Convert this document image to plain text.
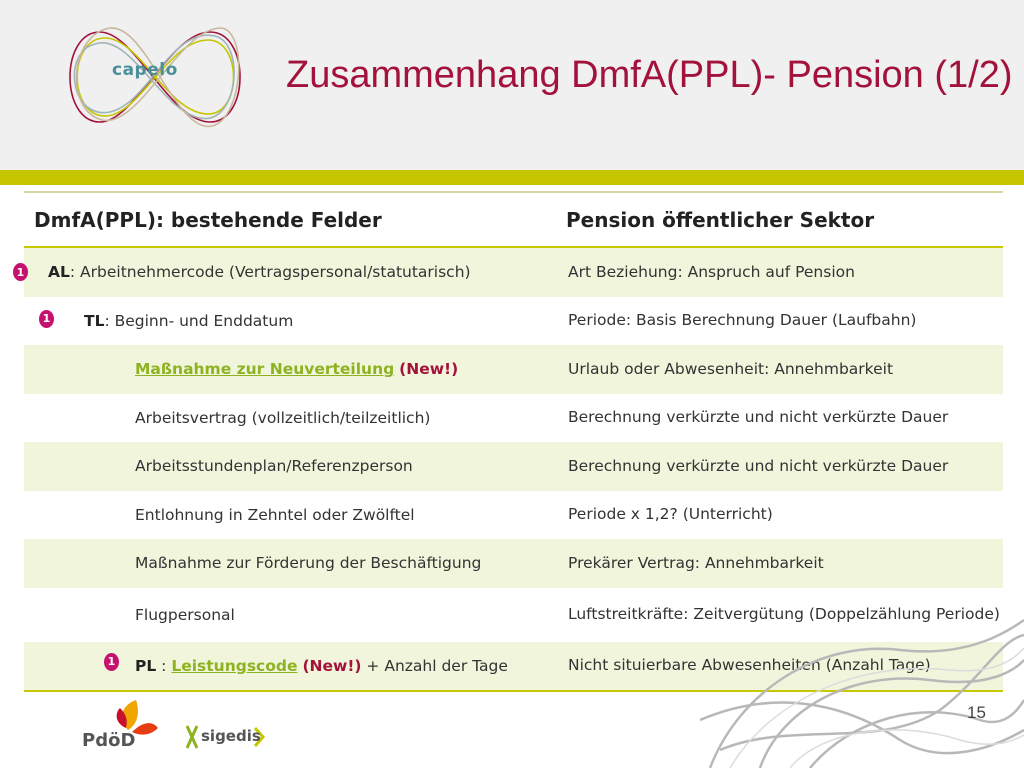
capelo	Zusammenhang DmfA(PPL)- Pension (1/2)
DmfA(PPL): bestehende Felder	Pension öffentlicher Sektor
1	AL: Arbeitnehmercode (Vertragspersonal/statutarisch)	Art Beziehung: Anspruch auf Pension
1	TL: Beginn- und Enddatum	Periode: Basis Berechnung Dauer (Laufbahn)
Maßnahme zur Neuverteilung (New!)	Urlaub oder Abwesenheit: Annehmbarkeit
Arbeitsvertrag (vollzeitlich/teilzeitlich)	Berechnung verkürzte und nicht verkürzte Dauer
Arbeitsstundenplan/Referenzperson	Berechnung verkürzte und nicht verkürzte Dauer
Entlohnung in Zehntel oder Zwölftel	Periode x 1,2? (Unterricht)
Maßnahme zur Förderung der Beschäftigung	Prekärer Vertrag: Annehmbarkeit
Flugpersonal	Luftstreitkräfte: Zeitvergütung (Doppelzählung Periode)
1	PL : Leistungscode (New!) + Anzahl der Tage	Nicht situierbare Abwesenheiten (Anzahl Tage)
15
PdöD	sigedis
